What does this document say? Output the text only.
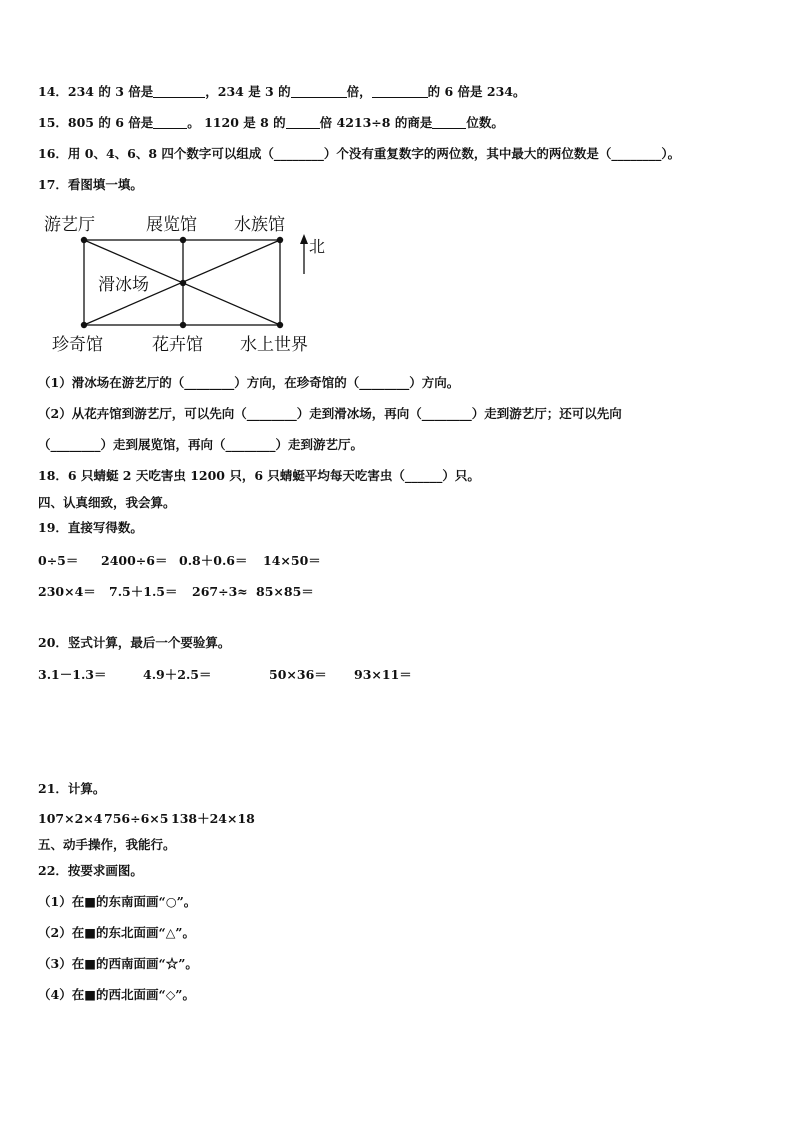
14．234 的 3 倍是	，234 是 3 的	倍，	的 6 倍是 234。
15．805 的 6 倍是	。 1120 是 8 的	倍 4213÷8 的商是	位数。
16．用 0、4、6、8 四个数字可以组成（________）个没有重复数字的两位数，其中最大的两位数是（________）。
17．看图填一填。
游艺厅	展览馆 水族馆
滑冰场
珍奇馆	花卉馆 水上世界
北
（1）滑冰场在游艺厅的（________）方向，在珍奇馆的（________）方向。
（2）从花卉馆到游艺厅，可以先向（________）走到滑冰场，再向（________）走到游艺厅；还可以先向
（________）走到展览馆，再向（________）走到游艺厅。
18．6 只蜻蜓 2 天吃害虫 1200 只，6 只蜻蜓平均每天吃害虫（______）只。
四、认真细致，我会算。
19．直接写得数。
0÷5＝ 2400÷6＝ 0.8＋0.6＝ 14×50＝
230×4＝ 7.5＋1.5＝ 267÷3≈ 85×85＝
20．竖式计算，最后一个要验算。
3.1－1.3＝	4.9＋2.5＝	50×36＝ 93×11＝
21．计算。
107×2×4 756÷6×5 138＋24×18
五、动手操作，我能行。
22．按要求画图。
（1）在■的东南面画“○”。
（2）在■的东北面画“△”。
（3）在■的西南面画“☆”。
（4）在■的西北面画“◇”。
